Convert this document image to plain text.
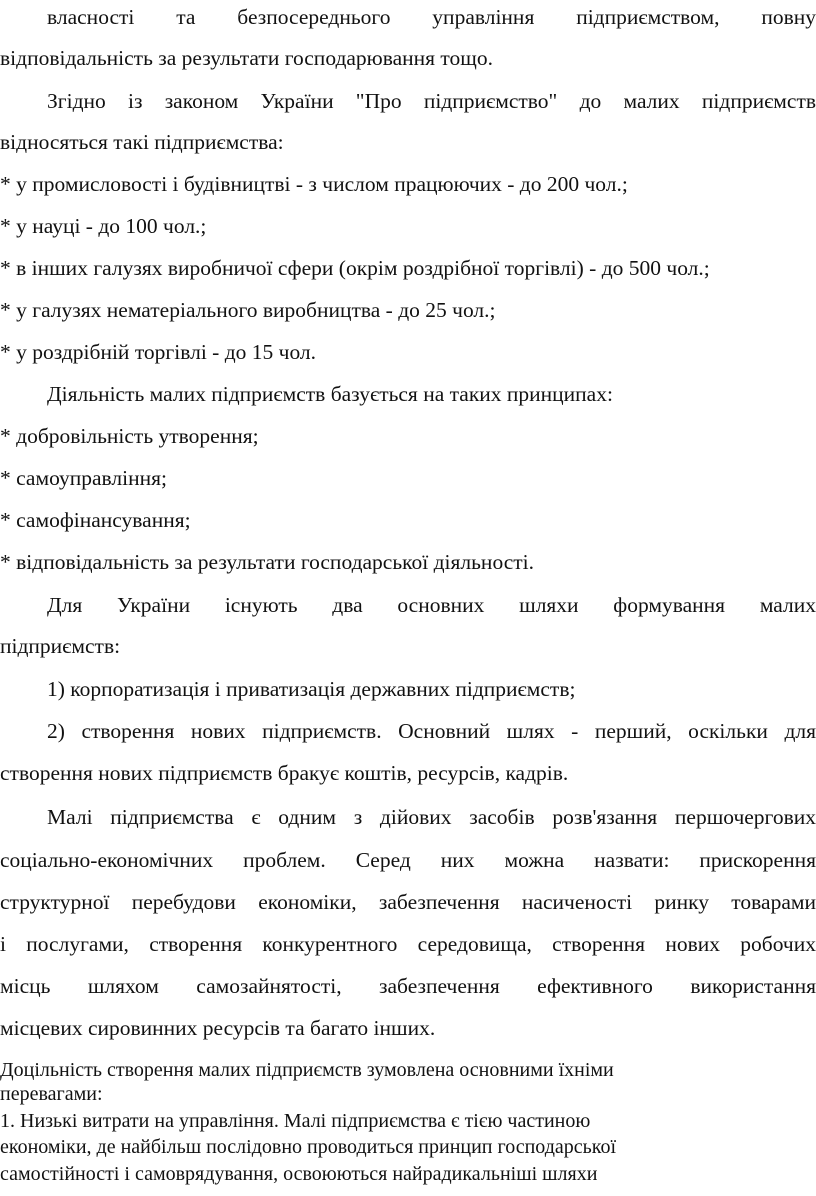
власності та безпосереднього управління підприємством, повну
відповідальність за результати господарювання тощо.
Згідно із законом України "Про підприємство" до малих підприємств
відносяться такі підприємства:
* у промисловості і будівництві - з числом працюючих - до 200 чол.;
* у науці - до 100 чол.;
* в інших галузях виробничої сфери (окрім роздрібної торгівлі) - до 500 чол.;
* у галузях нематеріального виробництва - до 25 чол.;
* у роздрібній торгівлі - до 15 чол.
Діяльність малих підприємств базується на таких принципах:
* добровільність утворення;
* самоуправління;
* самофінансування;
* відповідальність за результати господарської діяльності.
Для України існують два основних шляхи формування малих
підприємств:
1) корпоратизація і приватизація державних підприємств;
2) створення нових підприємств. Основний шлях - перший, оскільки для
створення нових підприємств бракує коштів, ресурсів, кадрів.
Малі підприємства є одним з дійових засобів розв'язання першочергових
соціально-економічних проблем. Серед них можна назвати: прискорення
структурної перебудови економіки, забезпечення насиченості ринку товарами
і послугами, створення конкурентного середовища, створення нових робочих
місць шляхом самозайнятості, забезпечення ефективного використання
місцевих сировинних ресурсів та багато інших.
Доцільність створення малих підприємств зумовлена основними їхніми
перевагами:
1. Низькі витрати на управління. Малі підприємства є тією частиною
економіки, де найбільш послідовно проводиться принцип господарської
самостійності і самоврядування, освоюються найрадикальніші шляхи
